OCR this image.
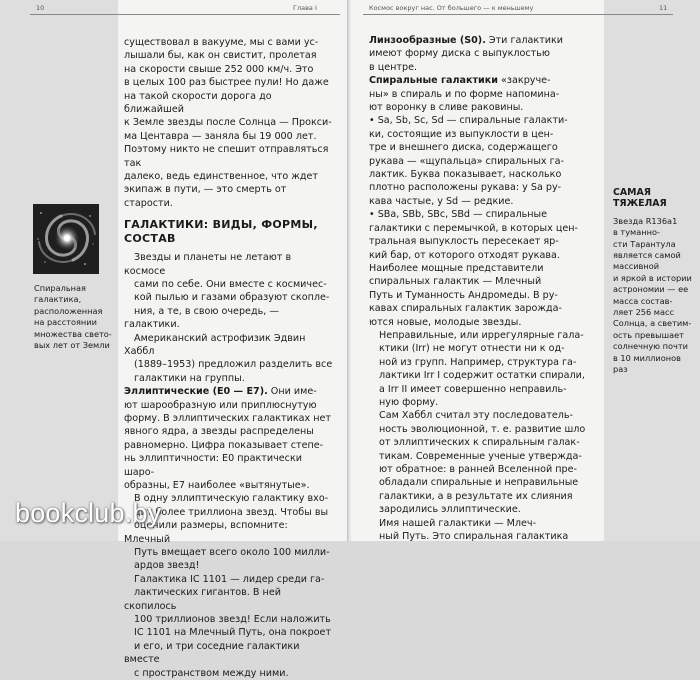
10	Глава I
существовал в вакууме, мы с вами ус-
лышали бы, как он свистит, пролетая
на скорости свыше 252 000 км/ч. Это
в целых 100 раз быстрее пули! Но даже
на такой скорости дорога до ближайшей
к Земле звезды после Солнца — Прокси-
ма Центавра — заняла бы 19 000 лет.
Поэтому никто не спешит отправляться так
далеко, ведь единственное, что ждет
экипаж в пути, — это смерть от старости.

ГАЛАКТИКИ: ВИДЫ, ФОРМЫ, СОСТАВ

Звезды и планеты не летают в космосе
сами по себе. Они вместе с космичес-
кой пылью и газами образуют скопле-
ния, а те, в свою очередь, — галактики.
Американский астрофизик Эдвин Хаббл
(1889–1953) предложил разделить все
галактики на группы.

Эллиптические (E0 — E7). Они име-

ют шарообразную или приплюснутую
форму. В эллиптических галактиках нет
явного ядра, а звезды распределены
равномерно. Цифра показывает степе-
нь эллиптичности: E0 практически шаро-
образны, E7 наиболее «вытянутые».
В одну эллиптическую галактику вхо-
дит более триллиона звезд. Чтобы вы
оценили размеры, вспомните: Млечный
Путь вмещает всего около 100 милли-
ардов звезд!
Галактика IC 1101 — лидер среди га-
лактических гигантов. В ней скопилось
100 триллионов звезд! Если наложить
IC 1101 на Млечный Путь, она покроет
и его, и три соседние галактики вместе
с пространством между ними.
Спиральная
галактика,
расположенная
на расстоянии
множества свето-
вых лет от Земли
Космос вокруг нас. От большего — к меньшему	11

Линзообразные (S0). Эти галактики

имеют форму диска с выпуклостью
в центре.

Спиральные галактики «закруче-

ны» в спираль и по форме напомина-
ют воронку в сливе раковины.
• Sa, Sb, Sc, Sd — спиральные галакти-
ки, состоящие из выпуклости в цен-
тре и внешнего диска, содержащего
рукава — «щупальца» спиральных га-
лактик. Буква показывает, насколько
плотно расположены рукава: у Sa ру-
кава частые, у Sd — редкие.
• SBa, SBb, SBc, SBd — спиральные
галактики с перемычкой, в которых цен-
тральная выпуклость пересекает яр-
кий бар, от которого отходят рукава.
Наиболее мощные представители
спиральных галактик — Млечный
Путь и Туманность Андромеды. В ру-
кавах спиральных галактик зарожда-
ются новые, молодые звезды.
Неправильные, или иррегулярные гала-
ктики (Irr) не могут отнести ни к од-
ной из групп. Например, структура га-
лактики Irr I содержит остатки спирали,
а Irr II имеет совершенно неправиль-
ную форму.
Сам Хаббл считал эту последователь-
ность эволюционной, т. е. развитие шло
от эллиптических к спиральным галак-
тикам. Современные ученые утвержда-
ют обратное: в ранней Вселенной пре-
обладали спиральные и неправильные
галактики, а в результате их слияния
зародились эллиптические.
Имя нашей галактики — Млеч-
ный Путь. Это спиральная галактика
САМАЯ ТЯЖЕЛАЯ
Звезда R136a1
в туманно-
сти Тарантула
является самой
массивной
и яркой в истории
астрономии — ее
масса состав-
ляет 256 масс
Солнца, а светим-
ость превышает
солнечную почти
в 10 миллионов
раз
bookclub.by
